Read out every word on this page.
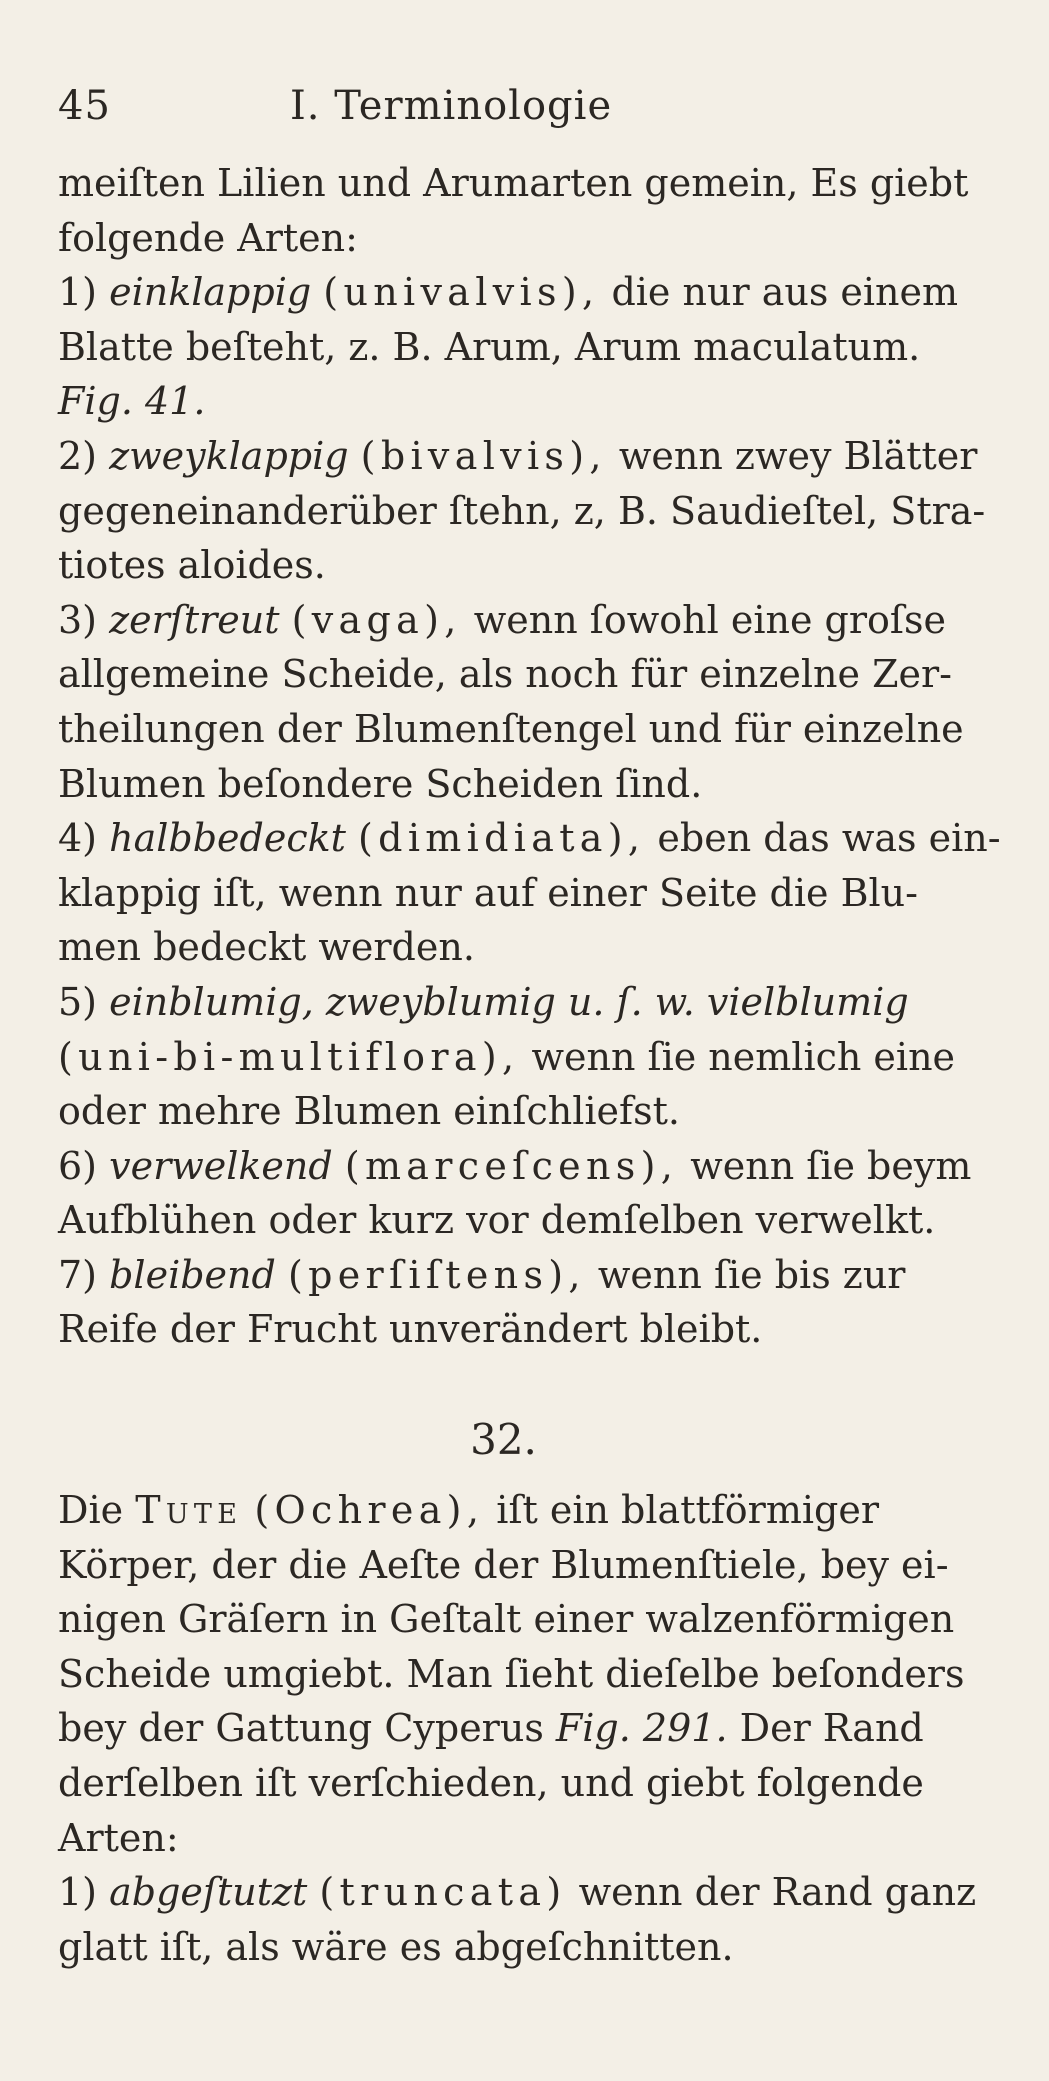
45	I. Terminologie
meiſten Lilien und Arumarten gemein, Es giebt
folgende Arten:
1) einklappig (univalvis), die nur aus einem
Blatte beſteht, z. B. Arum, Arum maculatum.
Fig. 41.
2) zweyklappig (bivalvis), wenn zwey Blätter
gegeneinanderüber ſtehn, z, B. Saudieſtel, Stra-
tiotes aloides.
3) zerſtreut (vaga), wenn ſowohl eine groſse
allgemeine Scheide, als noch für einzelne Zer-
theilungen der Blumenſtengel und für einzelne
Blumen beſondere Scheiden ſind.
4) halbbedeckt (dimidiata), eben das was ein-
klappig iſt, wenn nur auf einer Seite die Blu-
men bedeckt werden.
5) einblumig, zweyblumig u. ſ. w. vielblumig
(uni-bi-multiflora), wenn ſie nemlich eine
oder mehre Blumen einſchliefst.
6) verwelkend (marceſcens), wenn ſie beym
Aufblühen oder kurz vor demſelben verwelkt.
7) bleibend (perſiſtens), wenn ſie bis zur
Reife der Frucht unverändert bleibt.
32.
Die Tute (Ochrea), iſt ein blattförmiger
Körper, der die Aeſte der Blumenſtiele, bey ei-
nigen Gräſern in Geſtalt einer walzenförmigen
Scheide umgiebt. Man ſieht dieſelbe beſonders
bey der Gattung Cyperus Fig. 291. Der Rand
derſelben iſt verſchieden, und giebt folgende
Arten:
1) abgeſtutzt (truncata) wenn der Rand ganz
glatt iſt, als wäre es abgeſchnitten.
